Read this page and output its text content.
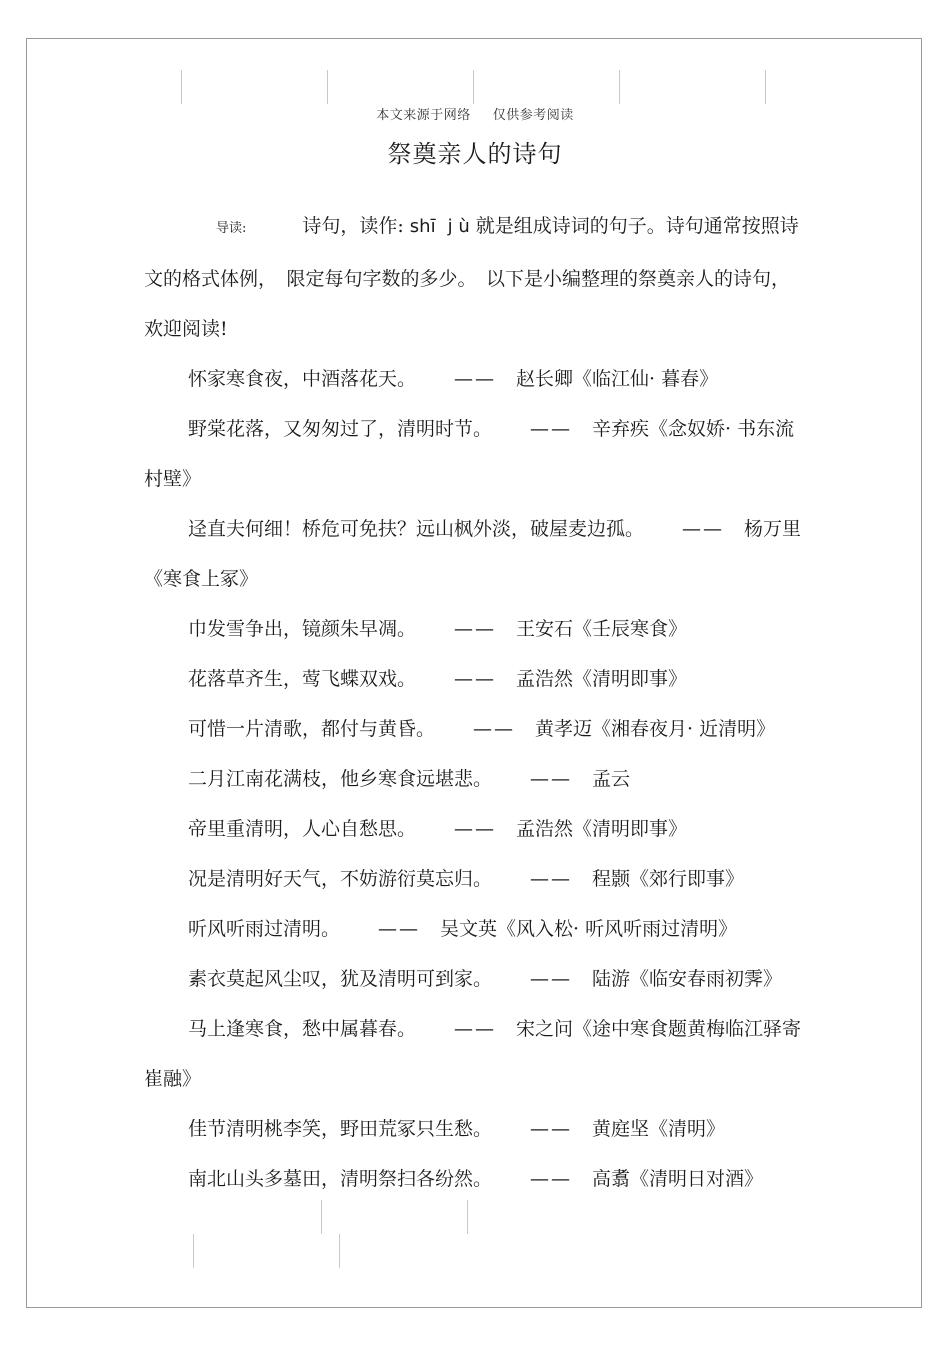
本文来源于网络 仅供参考阅读
祭奠亲人的诗句

导读:	诗句，读作: shī j ù 就是组成诗词的句子。诗句通常按照诗文的格式体例，　限定每句字数的多少。　以下是小编整理的祭奠亲人的诗句，欢迎阅读!

怀家寒食夜，中酒落花天。 —— 赵长卿《临江仙· 暮春》

野棠花落，又匆匆过了，清明时节。 —— 辛弃疾《念奴娇· 书东流村壁》

迳直夫何细！桥危可免扶？远山枫外淡，破屋麦边孤。 —— 杨万里《寒食上冢》

巾发雪争出，镜颜朱早凋。 —— 王安石《壬辰寒食》

花落草齐生，莺飞蝶双戏。 —— 孟浩然《清明即事》

可惜一片清歌，都付与黄昏。 —— 黄孝迈《湘春夜月· 近清明》

二月江南花满枝，他乡寒食远堪悲。 —— 孟云

帝里重清明，人心自愁思。 —— 孟浩然《清明即事》

况是清明好天气，不妨游衍莫忘归。 —— 程颢《郊行即事》

听风听雨过清明。 —— 吴文英《风入松· 听风听雨过清明》

素衣莫起风尘叹，犹及清明可到家。 —— 陆游《临安春雨初霁》

马上逢寒食，愁中属暮春。 —— 宋之问《途中寒食题黄梅临江驿寄崔融》

佳节清明桃李笑，野田荒冢只生愁。 —— 黄庭坚《清明》

南北山头多墓田，清明祭扫各纷然。 —— 高翥《清明日对酒》
